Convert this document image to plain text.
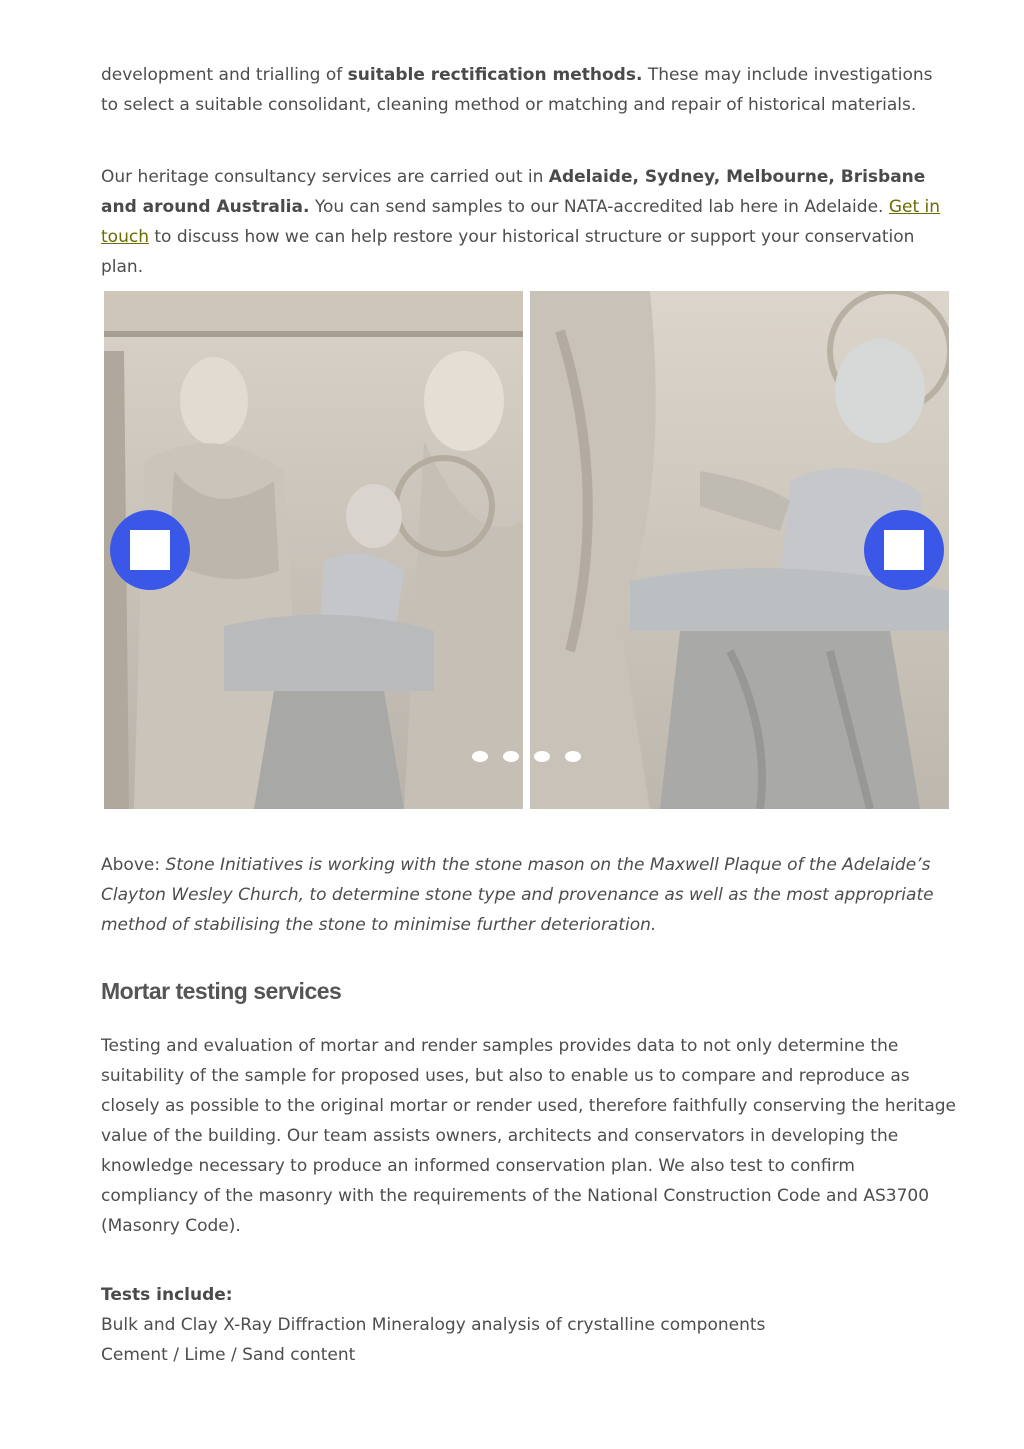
development and trialling of suitable rectification methods. These may include investigations to select a suitable consolidant, cleaning method or matching and repair of historical materials.

Our heritage consultancy services are carried out in Adelaide, Sydney, Melbourne, Brisbane and around Australia. You can send samples to our NATA-accredited lab here in Adelaide. Get in touch to discuss how we can help restore your historical structure or support your conservation plan.

Above: Stone Initiatives is working with the stone mason on the Maxwell Plaque of the Adelaide’s Clayton Wesley Church, to determine stone type and provenance as well as the most appropriate method of stabilising the stone to minimise further deterioration.

Mortar testing services

Testing and evaluation of mortar and render samples provides data to not only determine the suitability of the sample for proposed uses, but also to enable us to compare and reproduce as closely as possible to the original mortar or render used, therefore faithfully conserving the heritage value of the building. Our team assists owners, architects and conservators in developing the knowledge necessary to produce an informed conservation plan. We also test to confirm compliancy of the masonry with the requirements of the National Construction Code and AS3700 (Masonry Code).

Tests include:

Bulk and Clay X-Ray Diffraction Mineralogy analysis of crystalline components

Cement / Lime / Sand content
